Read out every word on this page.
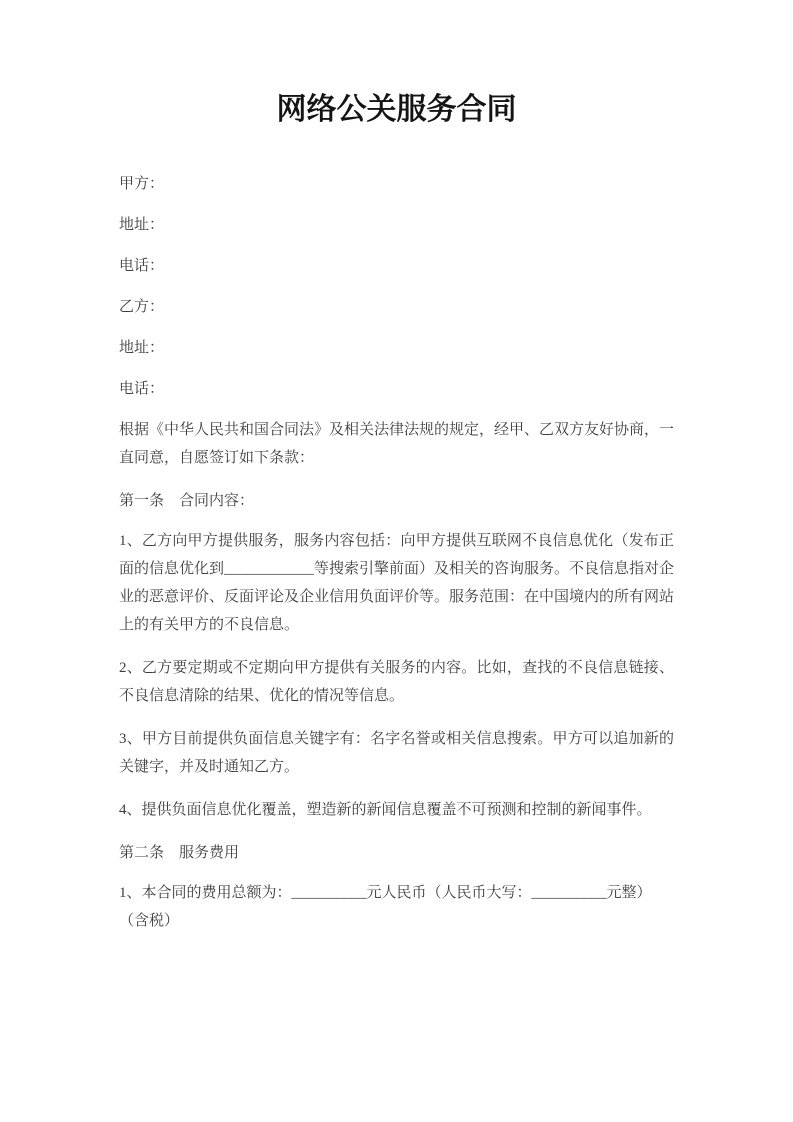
网络公关服务合同

甲方：

地址：

电话：

乙方：

地址：

电话：

根据《中华人民共和国合同法》及相关法律法规的规定，经甲、乙双方友好协商，一直同意，自愿签订如下条款：

第一条　合同内容：

1、乙方向甲方提供服务，服务内容包括：向甲方提供互联网不良信息优化（发布正面的信息优化到____________等搜索引擎前面）及相关的咨询服务。不良信息指对企业的恶意评价、反面评论及企业信用负面评价等。服务范围：在中国境内的所有网站上的有关甲方的不良信息。

2、乙方要定期或不定期向甲方提供有关服务的内容。比如，查找的不良信息链接、不良信息清除的结果、优化的情况等信息。

3、甲方目前提供负面信息关键字有：名字名誉或相关信息搜索。甲方可以追加新的关键字，并及时通知乙方。

4、提供负面信息优化覆盖，塑造新的新闻信息覆盖不可预测和控制的新闻事件。

第二条　服务费用

1、本合同的费用总额为：__________元人民币（人民币大写：__________元整）
（含税）
